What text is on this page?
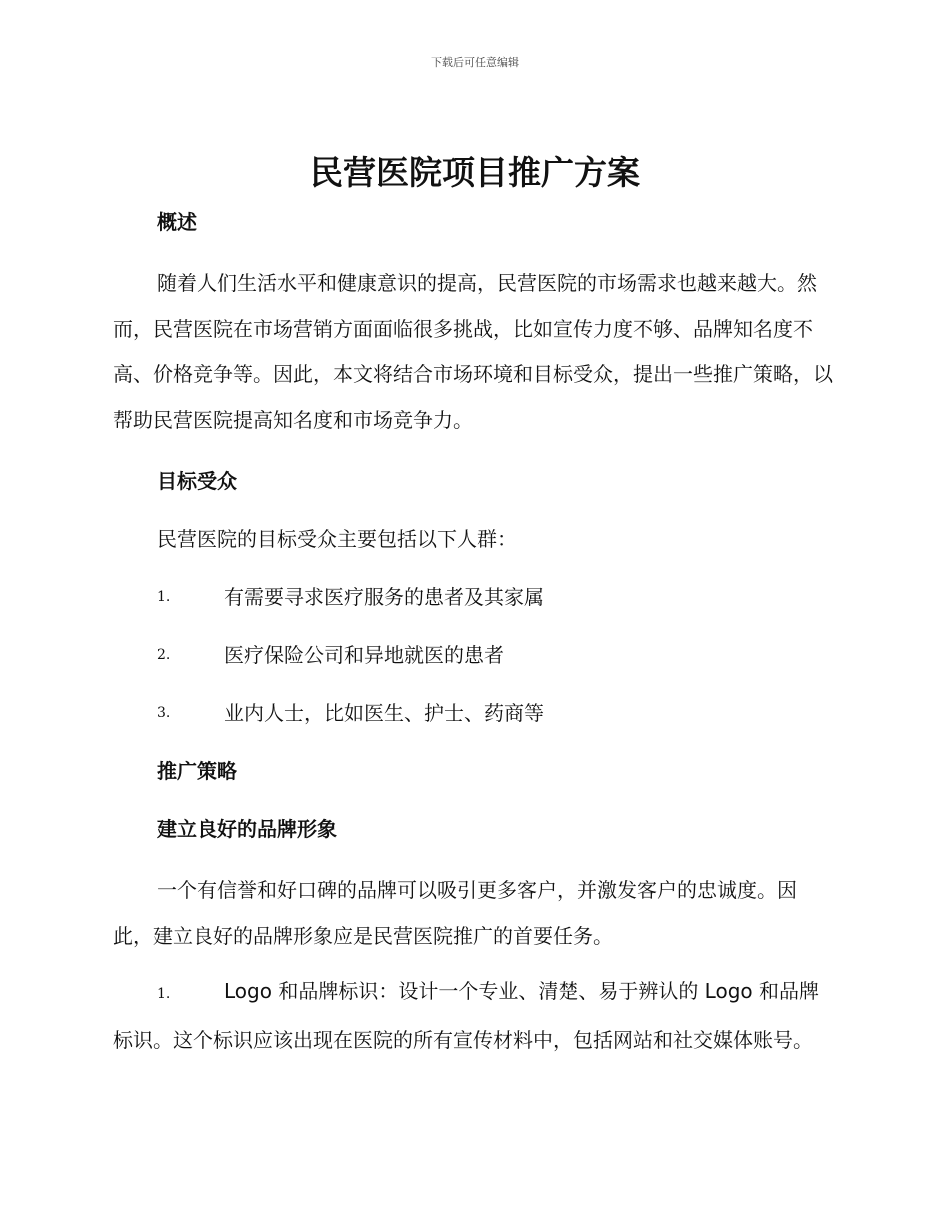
下载后可任意编辑
民营医院项目推广方案
概述

随着人们生活水平和健康意识的提高，民营医院的市场需求也越来越大。然而，民营医院在市场营销方面面临很多挑战，比如宣传力度不够、品牌知名度不高、价格竞争等。因此，本文将结合市场环境和目标受众，提出一些推广策略，以帮助民营医院提高知名度和市场竞争力。

目标受众

民营医院的目标受众主要包括以下人群：

1.	有需要寻求医疗服务的患者及其家属
2.	医疗保险公司和异地就医的患者
3.	业内人士，比如医生、护士、药商等
推广策略
建立良好的品牌形象

一个有信誉和好口碑的品牌可以吸引更多客户，并激发客户的忠诚度。因此，建立良好的品牌形象应是民营医院推广的首要任务。

1.	Logo 和品牌标识：设计一个专业、清楚、易于辨认的 Logo 和品牌标识。这个标识应该出现在医院的所有宣传材料中，包括网站和社交媒体账号。
